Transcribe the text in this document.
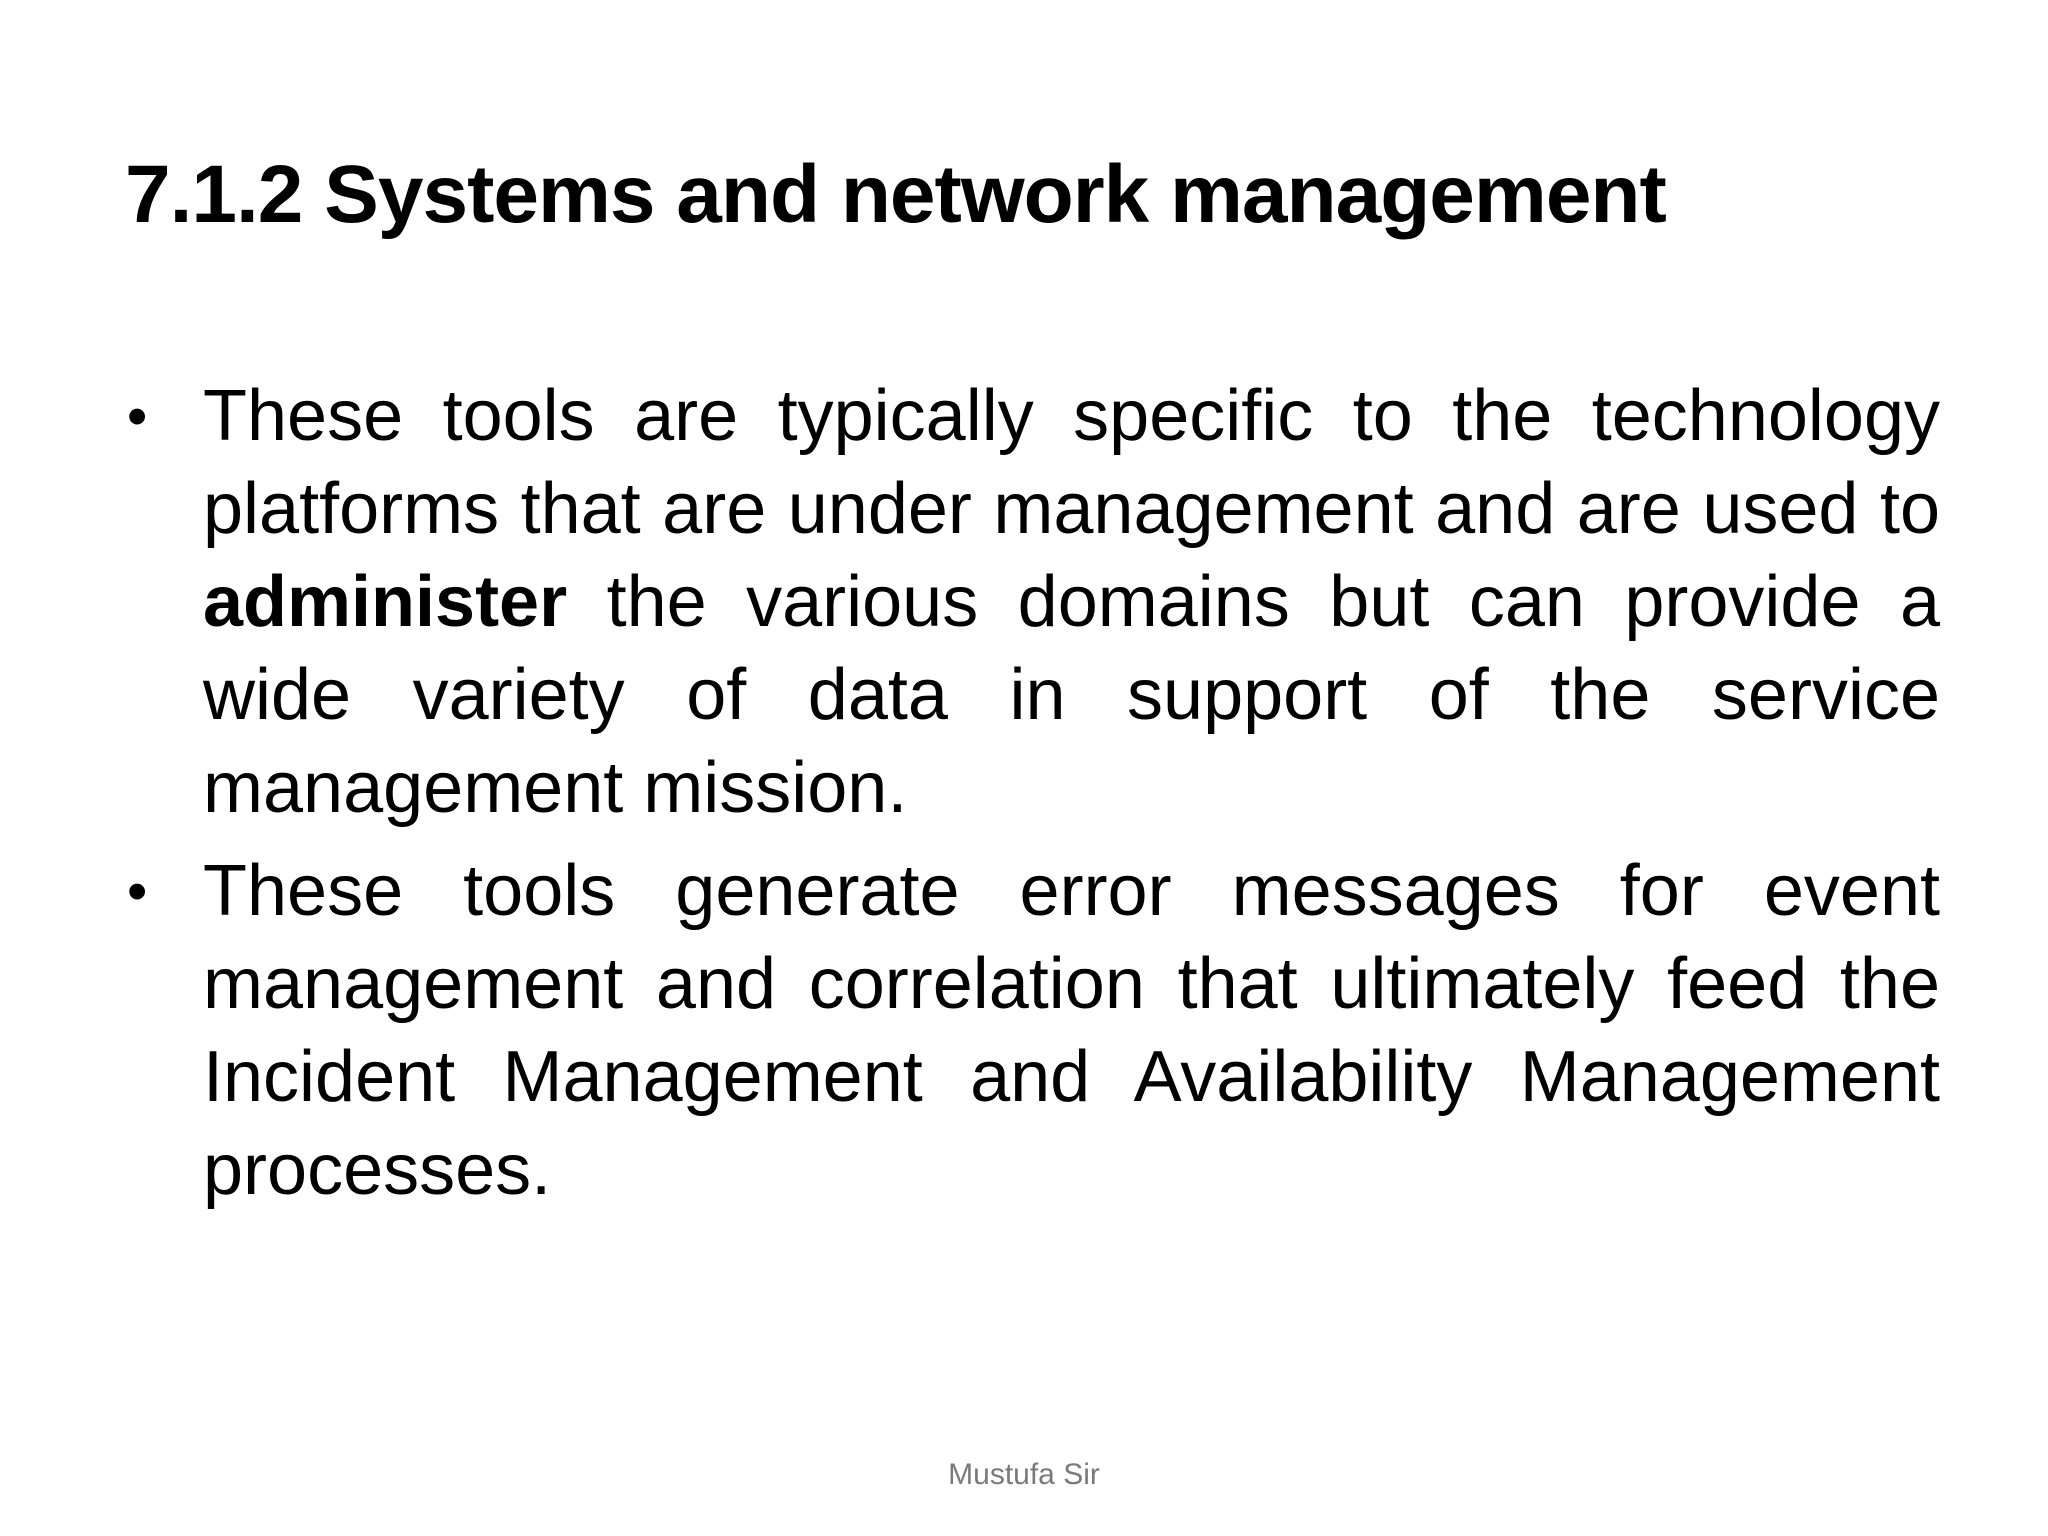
7.1.2 Systems and network management
• These tools are typically specific to the technology platforms that are under management and are used to administer the various domains but can provide a wide variety of data in support of the service management mission.
• These tools generate error messages for event management and correlation that ultimately feed the Incident Management and Availability Management processes.
Mustufa Sir
